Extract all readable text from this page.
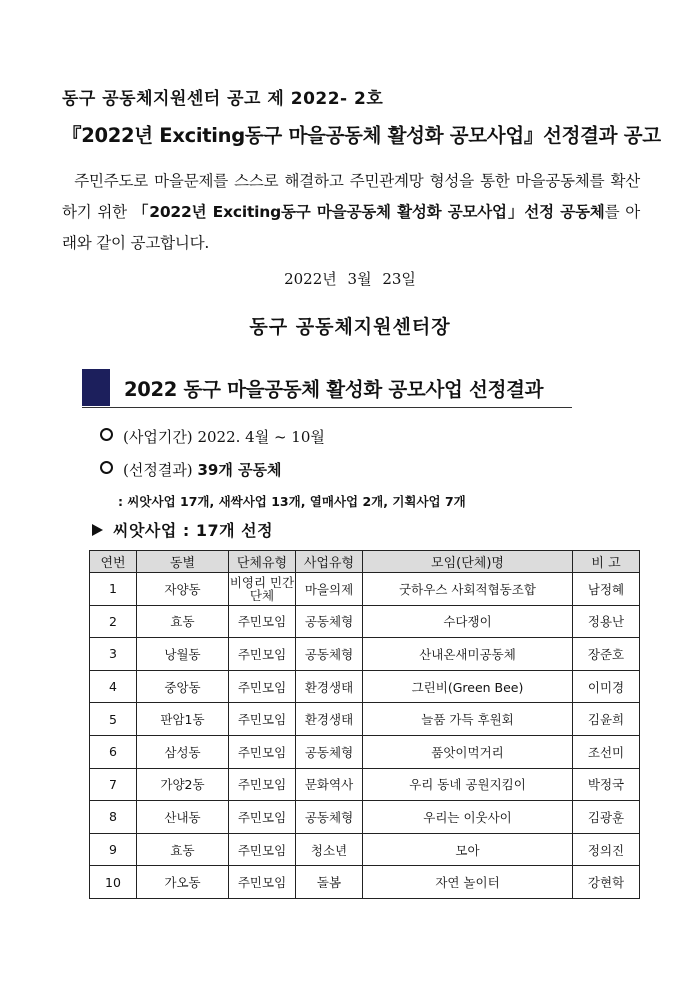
동구 공동체지원센터 공고 제 2022- 2호
『2022년 Exciting동구 마을공동체 활성화 공모사업』선정결과 공고
주민주도로 마을문제를 스스로 해결하고 주민관계망 형성을 통한 마을공동체를 확산하기 위한 「2022년 Exciting동구 마을공동체 활성화 공모사업」선정 공동체를 아래와 같이 공고합니다.
2022년 3월 23일
동구 공동체지원센터장
2022 동구 마을공동체 활성화 공모사업 선정결과
(사업기간) 2022. 4월 ~ 10월
(선정결과) 39개 공동체
: 씨앗사업 17개, 새싹사업 13개, 열매사업 2개, 기획사업 7개
씨앗사업 : 17개 선정
연번	동별	단체유형	사업유형	모임(단체)명	비 고
1	자양동	비영리 민간단체	마을의제	굿하우스 사회적협동조합	남정혜
2	효동	주민모임	공동체형	수다쟁이	정용난
3	낭월동	주민모임	공동체형	산내온새미공동체	장준호
4	중앙동	주민모임	환경생태	그린비(Green Bee)	이미경
5	판암1동	주민모임	환경생태	늘품 가득 후원회	김윤희
6	삼성동	주민모임	공동체형	품앗이먹거리	조선미
7	가양2동	주민모임	문화역사	우리 동네 공원지킴이	박정국
8	산내동	주민모임	공동체형	우리는 이웃사이	김광훈
9	효동	주민모임	청소년	모아	정의진
10	가오동	주민모임	돌봄	자연 놀이터	강현학
